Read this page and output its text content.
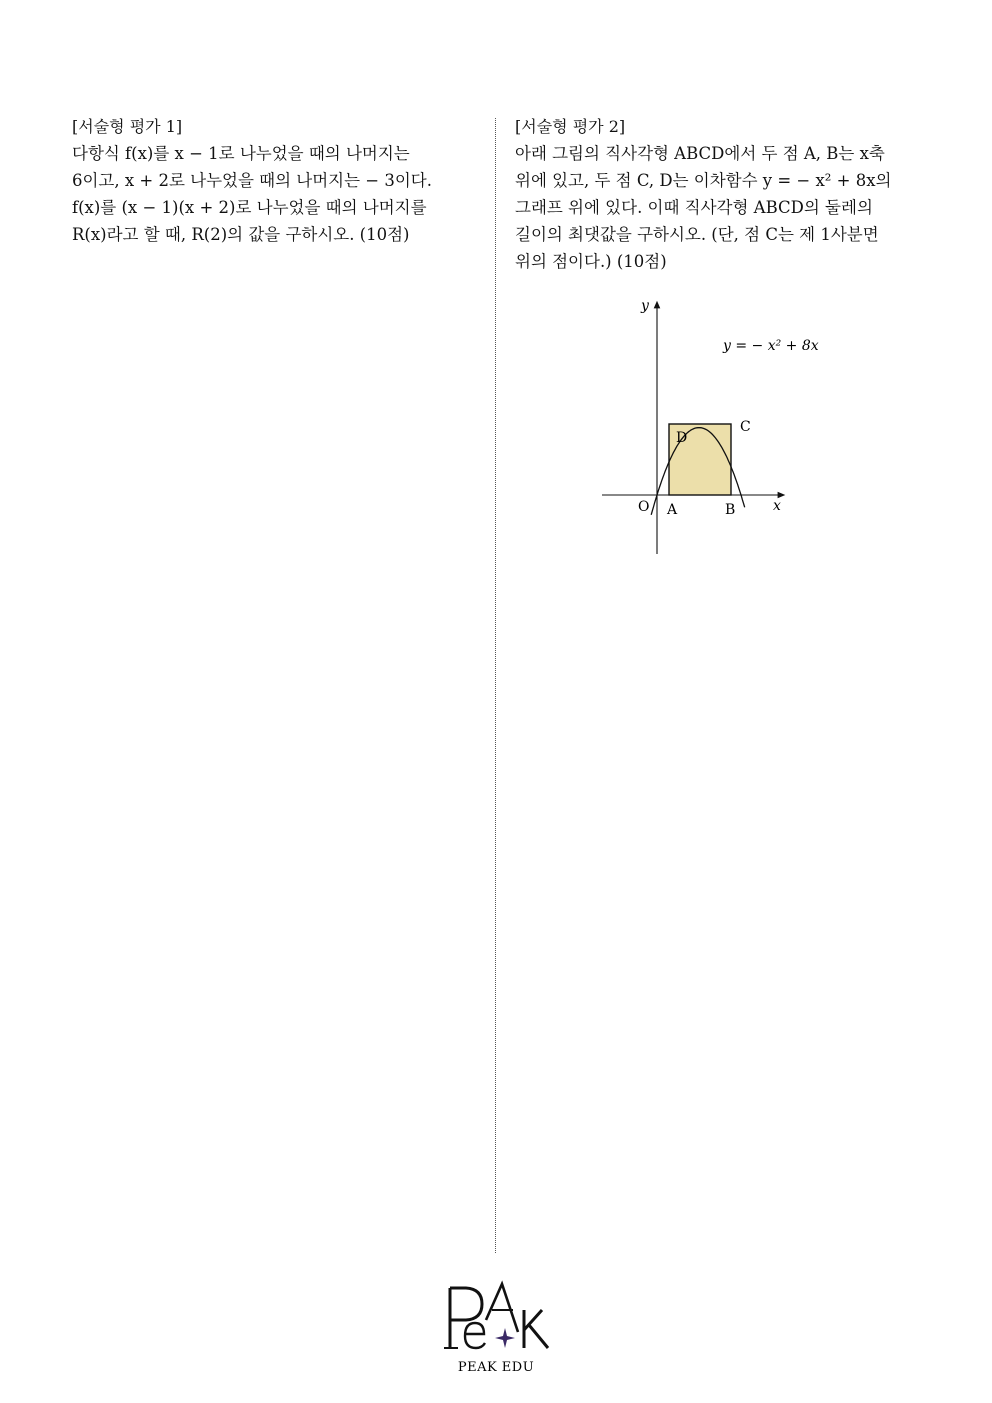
[서술형 평가 1]

다항식 f(x)를 x − 1로 나누었을 때의 나머지는

6이고, x + 2로 나누었을 때의 나머지는 − 3이다.

f(x)를 (x − 1)(x + 2)로 나누었을 때의 나머지를

R(x)라고 할 때, R(2)의 값을 구하시오. (10점)

[서술형 평가 2]

아래 그림의 직사각형 ABCD에서 두 점 A, B는 x축

위에 있고, 두 점 C, D는 이차함수 y = − x² + 8x의

그래프 위에 있다. 이때 직사각형 ABCD의 둘레의

길이의 최댓값을 구하시오. (단, 점 C는 제 1사분면

위의 점이다.) (10점)

y
x
y = − x² + 8x
O A	B
C
D
PEAK EDU
